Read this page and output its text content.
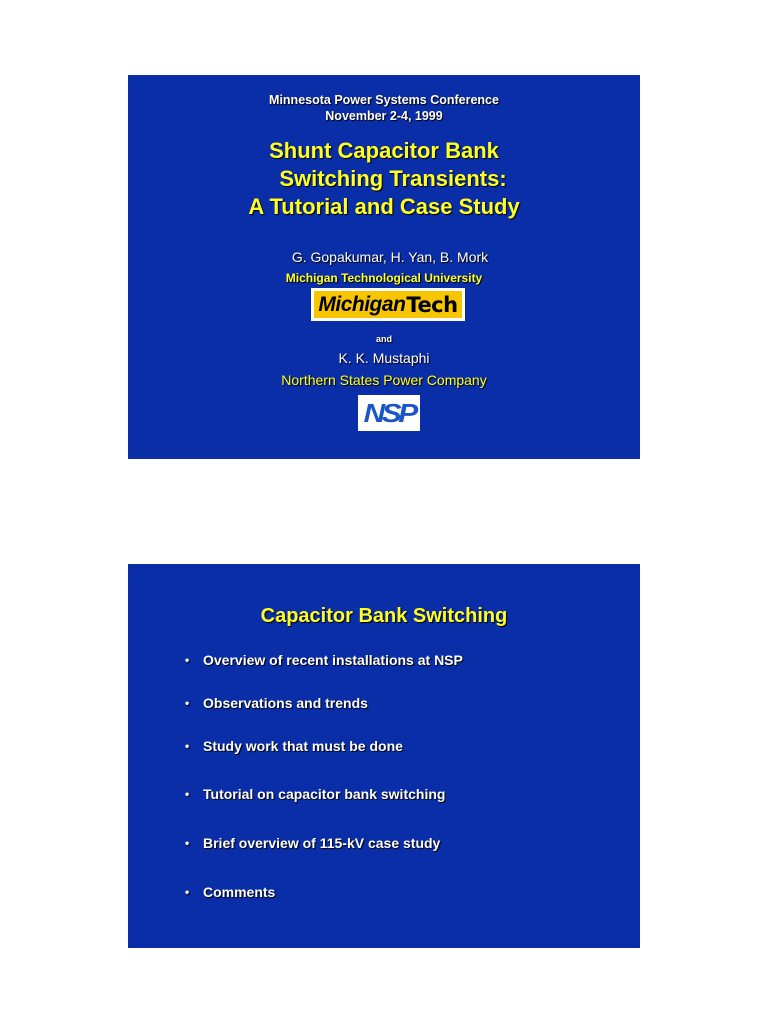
Minnesota Power Systems Conference
November 2-4, 1999
Shunt Capacitor Bank
Switching Transients:
A Tutorial and Case Study
G. Gopakumar, H. Yan, B. Mork
Michigan Technological University
Michigan Tech
and
K. K. Mustaphi
Northern States Power Company
NSP
Capacitor Bank Switching
• Overview of recent installations at NSP
• Observations and trends
• Study work that must be done
• Tutorial on capacitor bank switching
• Brief overview of 115-kV case study
• Comments
